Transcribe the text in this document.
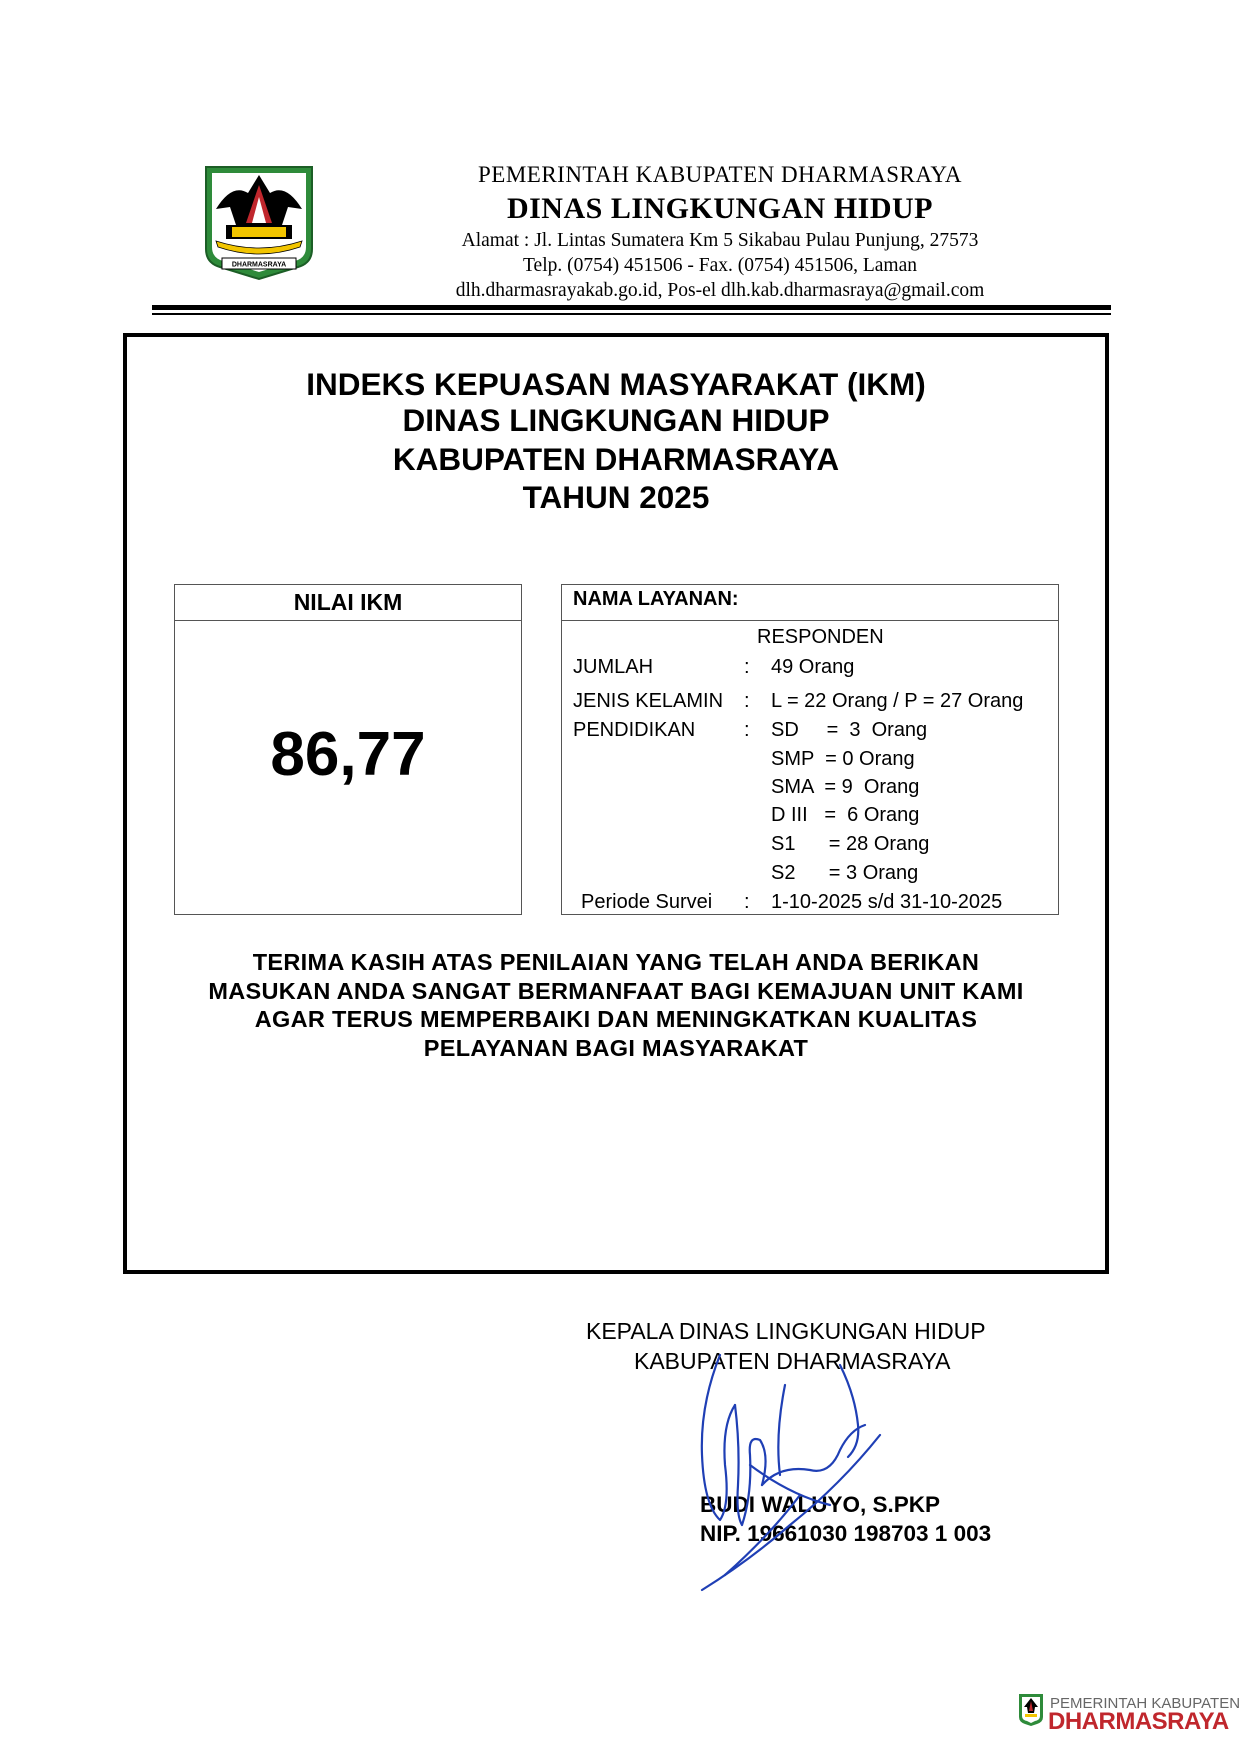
DHARMASRAYA
PEMERINTAH KABUPATEN DHARMASRAYA
DINAS LINGKUNGAN HIDUP
Alamat : Jl. Lintas Sumatera Km 5 Sikabau Pulau Punjung, 27573
Telp. (0754) 451506 - Fax. (0754) 451506, Laman
dlh.dharmasrayakab.go.id, Pos-el dlh.kab.dharmasraya@gmail.com
INDEKS KEPUASAN MASYARAKAT (IKM)
DINAS LINGKUNGAN HIDUP
KABUPATEN DHARMASRAYA
TAHUN 2025
NILAI IKM
86,77
NAMA LAYANAN:
RESPONDEN
JUMLAH	: 49 Orang
JENIS KELAMIN : L = 22 Orang / P = 27 Orang
PENDIDIKAN : SD     =  3  Orang
SMP  = 0 Orang
SMA  = 9  Orang
D III   =  6 Orang
S1      = 28 Orang
S2      = 3 Orang
Periode Survei : 1-10-2025 s/d 31-10-2025
TERIMA KASIH ATAS PENILAIAN YANG TELAH ANDA BERIKAN
MASUKAN ANDA SANGAT BERMANFAAT BAGI KEMAJUAN UNIT KAMI
AGAR TERUS MEMPERBAIKI DAN MENINGKATKAN KUALITAS
PELAYANAN BAGI MASYARAKAT
KEPALA DINAS LINGKUNGAN HIDUP
KABUPATEN DHARMASRAYA
BUDI WALUYO, S.PKP
NIP. 19661030 198703 1 003
PEMERINTAH KABUPATEN
DHARMASRAYA
